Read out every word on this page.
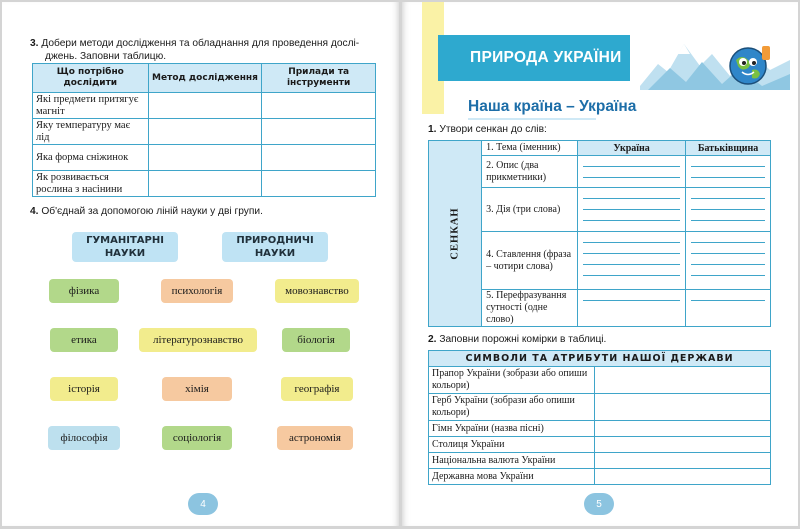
3. Добери методи дослідження та обладнання для проведення дослі-
джень. Заповни таблицю.
Що потрібно дослідити	Метод дослідження	Прилади та інструменти
Які предмети притягує магніт		
Яку температуру має лід		
Яка форма сніжинок		
Як розвивається рослина з насінини		
4. Об'єднай за допомогою ліній науки у дві групи.
ГУМАНІТАРНІ НАУКИ
ПРИРОДНИЧІ НАУКИ
фізика	психологія	мовознавство
етика	літературознавство	біологія
історія	хімія	географія
філософія	соціологія	астрономія
4
ПРИРОДА УКРАЇНИ
Наша країна – Україна
1. Утвори сенкан до слів:
СЕНКАН	1. Тема (іменник)	Україна	Батьківщина
	2. Опис (два прикметники)	

	3. Дія (три слова)	

	4. Ставлення (фраза – чотири слова)	

	5. Перефразування сутності (одне слово)	

2. Заповни порожні комірки в таблиці.
СИМВОЛИ ТА АТРИБУТИ НАШОЇ ДЕРЖАВИ	
Прапор України (зобрази або опиши кольори)	
Герб України (зобрази або опиши кольори)	
Гімн України (назва пісні)	
Столиця України	
Національна валюта України	
Державна мова України	
5
